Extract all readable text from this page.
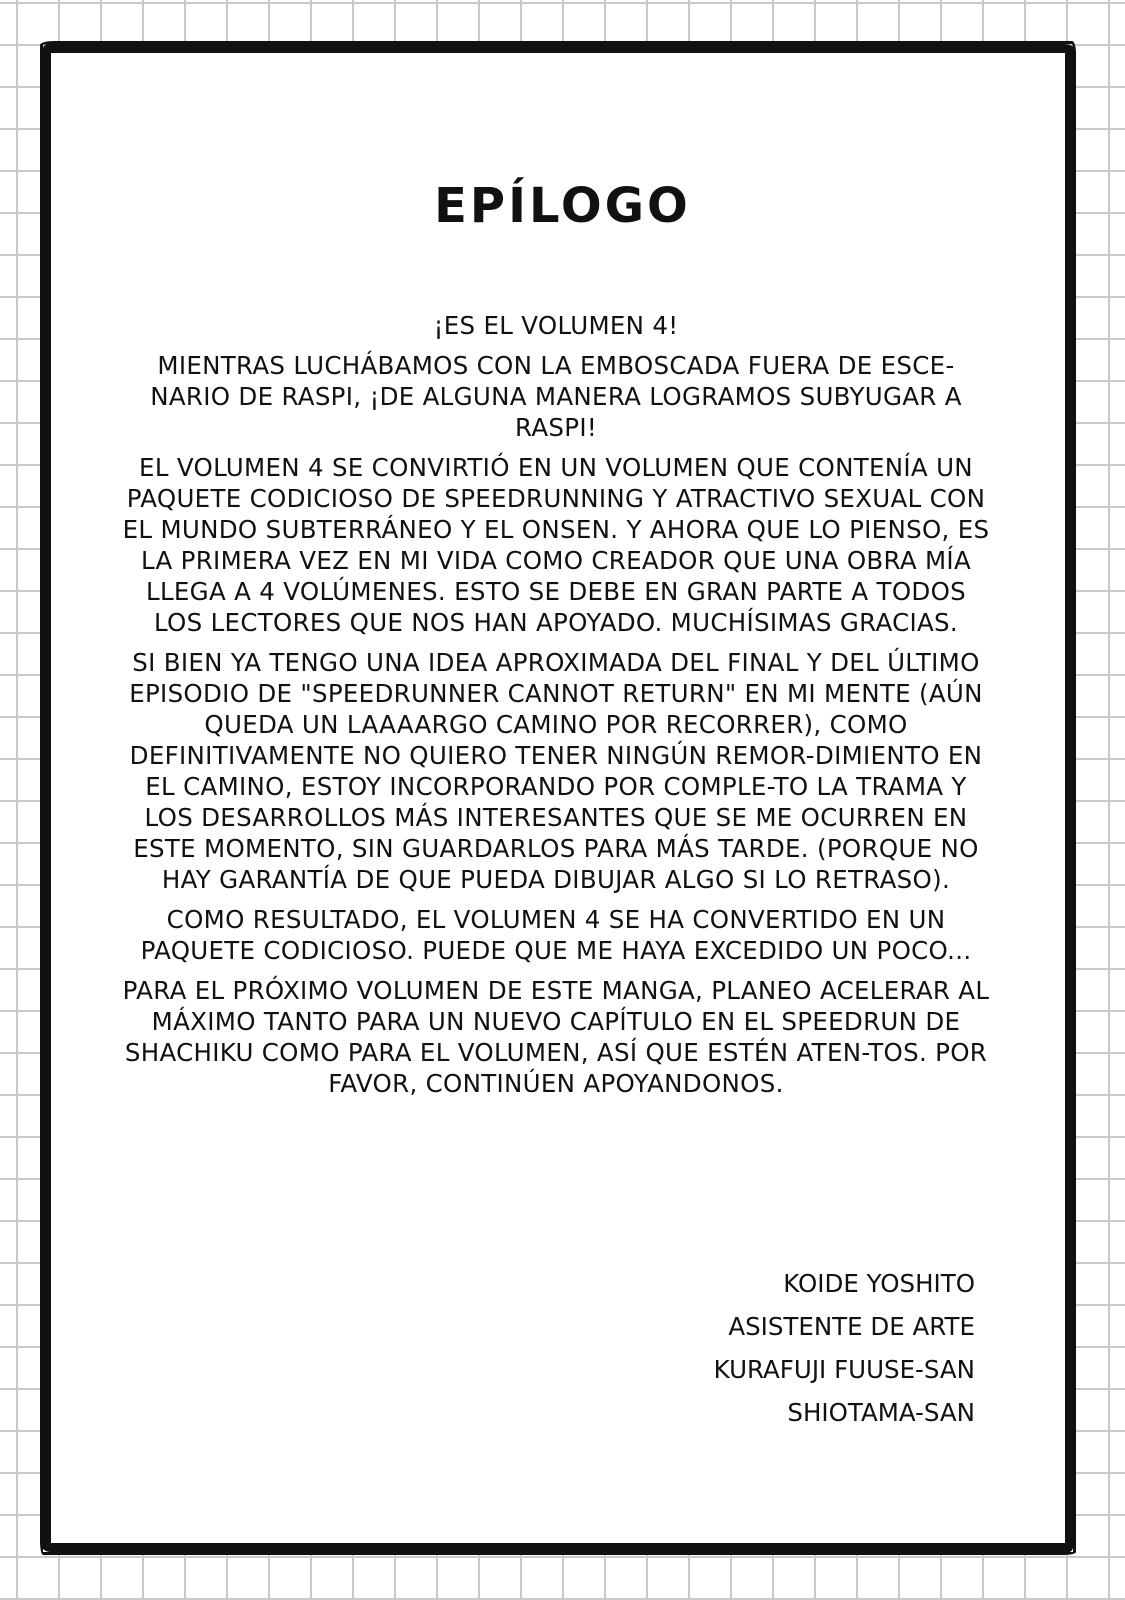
EPÍLOGO

¡ES EL VOLUMEN 4!

MIENTRAS LUCHÁBAMOS CON LA EMBOSCADA FUERA DE ESCE-NARIO DE RASPI, ¡DE ALGUNA MANERA LOGRAMOS SUBYUGAR A RASPI!

EL VOLUMEN 4 SE CONVIRTIÓ EN UN VOLUMEN QUE CONTENÍA UN PAQUETE CODICIOSO DE SPEEDRUNNING Y ATRACTIVO SEXUAL CON EL MUNDO SUBTERRÁNEO Y EL ONSEN. Y AHORA QUE LO PIENSO, ES LA PRIMERA VEZ EN MI VIDA COMO CREADOR QUE UNA OBRA MÍA LLEGA A 4 VOLÚMENES. ESTO SE DEBE EN GRAN PARTE A TODOS LOS LECTORES QUE NOS HAN APOYADO. MUCHÍSIMAS GRACIAS.

SI BIEN YA TENGO UNA IDEA APROXIMADA DEL FINAL Y DEL ÚLTIMO EPISODIO DE "SPEEDRUNNER CANNOT RETURN" EN MI MENTE (AÚN QUEDA UN LAAAARGO CAMINO POR RECORRER), COMO DEFINITIVAMENTE NO QUIERO TENER NINGÚN REMOR-DIMIENTO EN EL CAMINO, ESTOY INCORPORANDO POR COMPLE-TO LA TRAMA Y LOS DESARROLLOS MÁS INTERESANTES QUE SE ME OCURREN EN ESTE MOMENTO, SIN GUARDARLOS PARA MÁS TARDE. (PORQUE NO HAY GARANTÍA DE QUE PUEDA DIBUJAR ALGO SI LO RETRASO).

COMO RESULTADO, EL VOLUMEN 4 SE HA CONVERTIDO EN UN PAQUETE CODICIOSO. PUEDE QUE ME HAYA EXCEDIDO UN POCO...

PARA EL PRÓXIMO VOLUMEN DE ESTE MANGA, PLANEO ACELERAR AL MÁXIMO TANTO PARA UN NUEVO CAPÍTULO EN EL SPEEDRUN DE SHACHIKU COMO PARA EL VOLUMEN, ASÍ QUE ESTÉN ATEN-TOS. POR FAVOR, CONTINÚEN APOYANDONOS.

KOIDE YOSHITO
ASISTENTE DE ARTE
KURAFUJI FUUSE-SAN
SHIOTAMA-SAN
